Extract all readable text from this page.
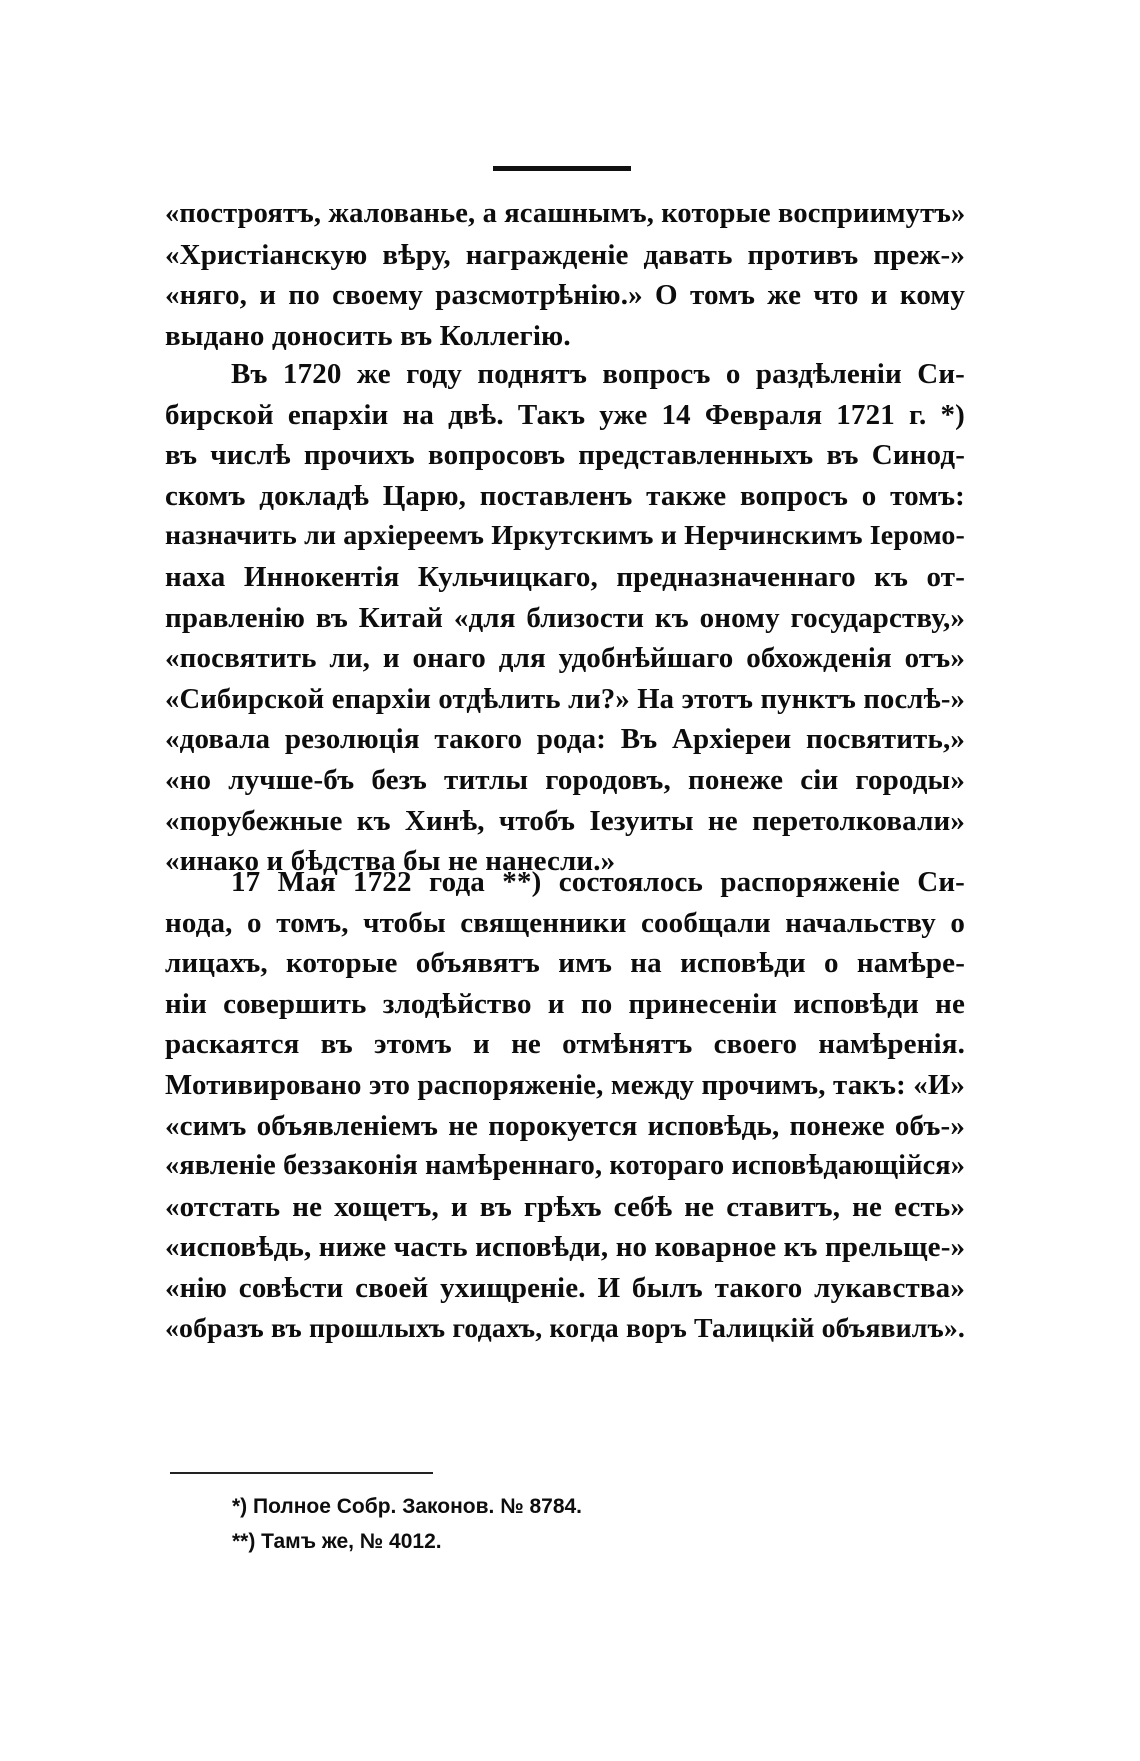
«построятъ, жалованье, а ясашнымъ, которые восприимутъ»
«Христіанскую вѣру, награжденіе давать противъ преж-»
«няго, и по своему разсмотрѣнію.» О томъ же что и кому
выдано доносить въ Коллегію.
Въ 1720 же году поднятъ вопросъ о раздѣленіи Си-
бирской епархіи на двѣ. Такъ уже 14 Февраля 1721 г. *)
въ числѣ прочихъ вопросовъ представленныхъ въ Синод-
скомъ докладѣ Царю, поставленъ также вопросъ о томъ:
назначить ли архіереемъ Иркутскимъ и Нерчинскимъ Іеромо-
наха Иннокентія Кульчицкаго, предназначеннаго къ от-
правленію въ Китай «для близости къ оному государству,»
«посвятить ли, и онаго для удобнѣйшаго обхожденія отъ»
«Сибирской епархіи отдѣлить ли?» На этотъ пунктъ послѣ-»
«довала резолюція такого рода: Въ Архіереи посвятить,»
«но лучше-бъ безъ титлы городовъ, понеже сіи городы»
«порубежные къ Хинѣ, чтобъ Іезуиты не перетолковали»
«инако и бѣдства бы не нанесли.»
17 Мая 1722 года **) состоялось распоряженіе Си-
нода, о томъ, чтобы священники сообщали начальству о
лицахъ, которые объявятъ имъ на исповѣди о намѣре-
ніи совершить злодѣйство и по принесеніи исповѣди не
раскаятся въ этомъ и не отмѣнятъ своего намѣренія.
Мотивировано это распоряженіе, между прочимъ, такъ: «И»
«симъ объявленіемъ не порокуется исповѣдь, понеже объ-»
«явленіе беззаконія намѣреннаго, котораго исповѣдающійся»
«отстать не хощетъ, и въ грѣхъ себѣ не ставитъ, не есть»
«исповѣдь, ниже часть исповѣди, но коварное къ прельще-»
«нію совѣсти своей ухищреніе. И былъ такого лукавства»
«образъ въ прошлыхъ годахъ, когда воръ Талицкій объявилъ».
*) Полное Собр. Законов. № 8784.
**) Тамъ же, № 4012.
